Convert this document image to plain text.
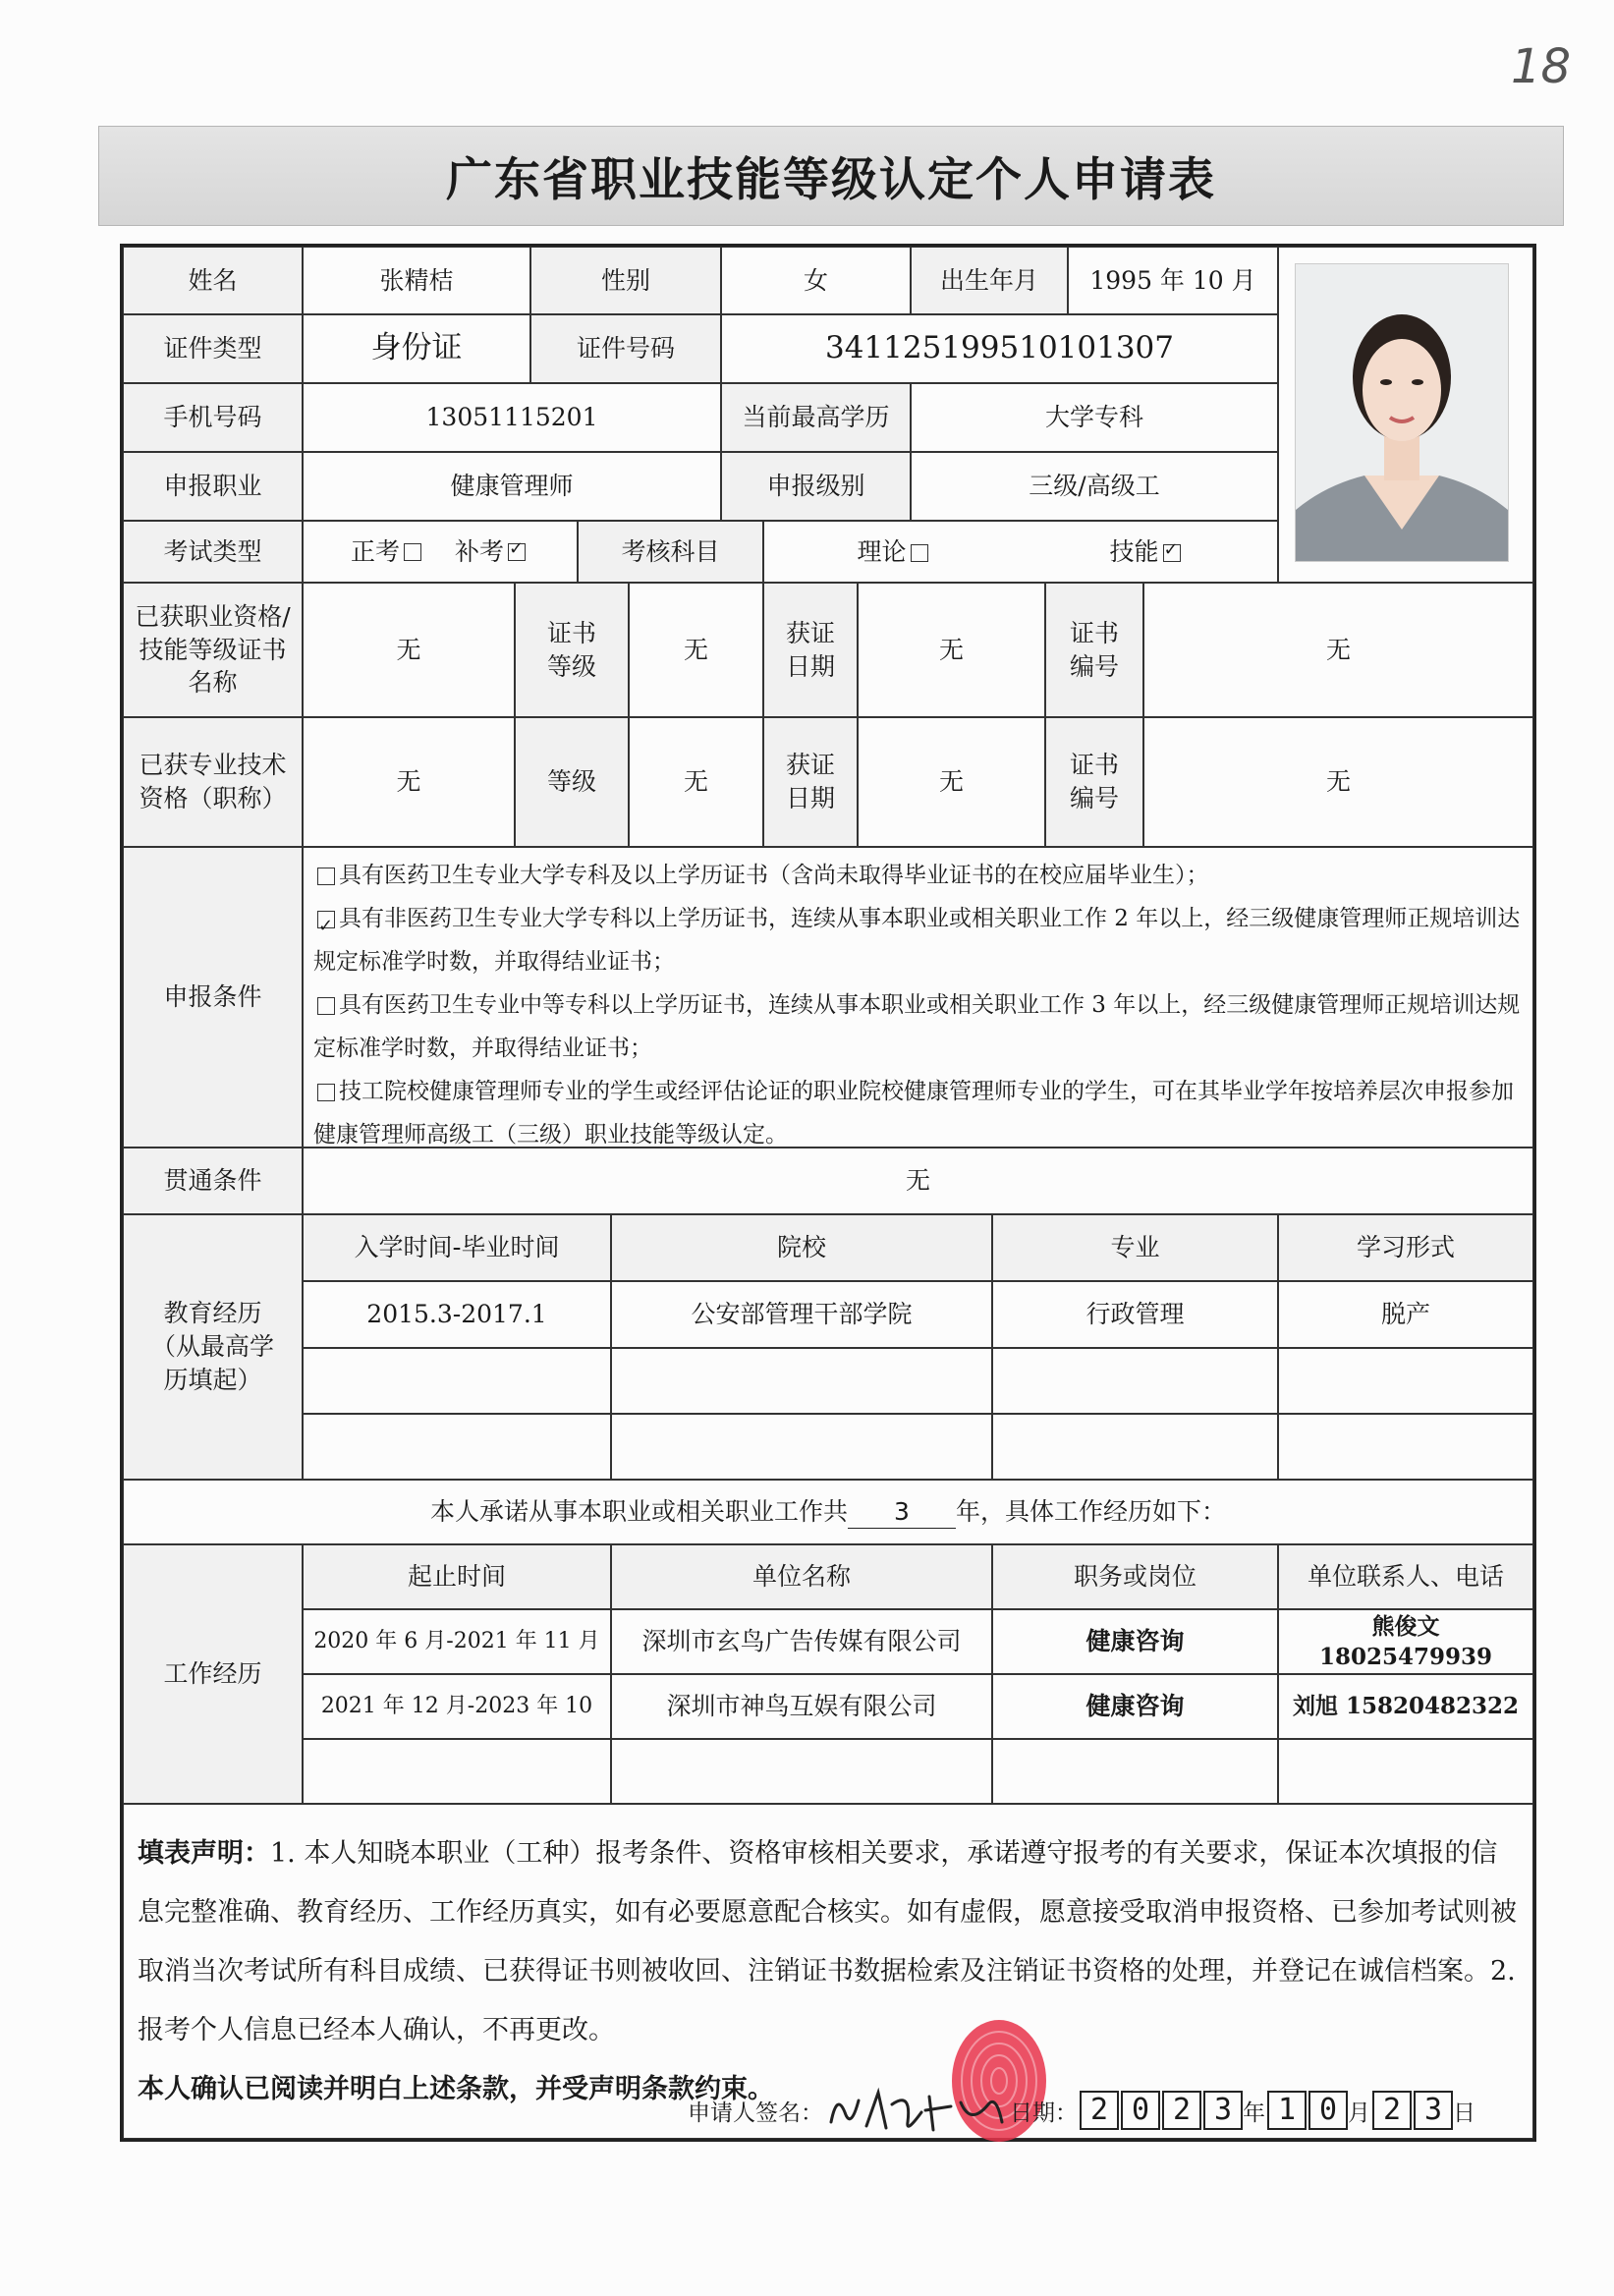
18
广东省职业技能等级认定个人申请表
姓名	张精桔	性别	女	出生年月	1995 年 10 月
证件类型	身份证	证件号码	341125199510101307
手机号码	13051115201	当前最高学历	大学专科
申报职业	健康管理师	申报级别	三级/高级工
考试类型	正考 补考
✓	考核科目	理论	技能✓
已获职业资格/技能等级证书名称
无
证书等级
无
获证日期
无
证书编号
无
已获专业技术资格（职称）
无	等级	无
获证日期
无
证书编号
无
申报条件
具有医药卫生专业大学专科及以上学历证书（含尚未取得毕业证书的在校应届毕业生）；
✓具有非医药卫生专业大学专科以上学历证书，连续从事本职业或相关职业工作 2 年以上，经三级健康管理师正规培训达规定标准学时数，并取得结业证书；
具有医药卫生专业中等专科以上学历证书，连续从事本职业或相关职业工作 3 年以上，经三级健康管理师正规培训达规定标准学时数，并取得结业证书；
技工院校健康管理师专业的学生或经评估论证的职业院校健康管理师专业的学生，可在其毕业学年按培养层次申报参加健康管理师高级工（三级）职业技能等级认定。
贯通条件	无
教育经历（从最高学历填起）
入学时间-毕业时间	院校	专业	学习形式
2015.3-2017.1	公安部管理干部学院	行政管理	脱产
本人承诺从事本职业或相关职业工作共	3	年，具体工作经历如下：
工作经历
起止时间	单位名称	职务或岗位	单位联系人、电话
2020 年 6 月-2021 年 11 月	深圳市玄鸟广告传媒有限公司	健康咨询
熊俊文 18025479939
2021 年 12 月-2023 年 10	深圳市神鸟互娱有限公司	健康咨询	刘旭 15820482322
填表声明：1. 本人知晓本职业（工种）报考条件、资格审核相关要求，承诺遵守报考的有关要求，保证本次填报的信息完整准确、教育经历、工作经历真实，如有必要愿意配合核实。如有虚假，愿意接受取消申报资格、已参加考试则被取消当次考试所有科目成绩、已获得证书则被收回、注销证书数据检索及注销证书资格的处理，并登记在诚信档案。2. 报考个人信息已经本人确认，不再更改。
本人确认已阅读并明白上述条款，并受声明条款约束。
申请人签名：	日期： 2 0 2 3 年 1 0 月 2 3 日
